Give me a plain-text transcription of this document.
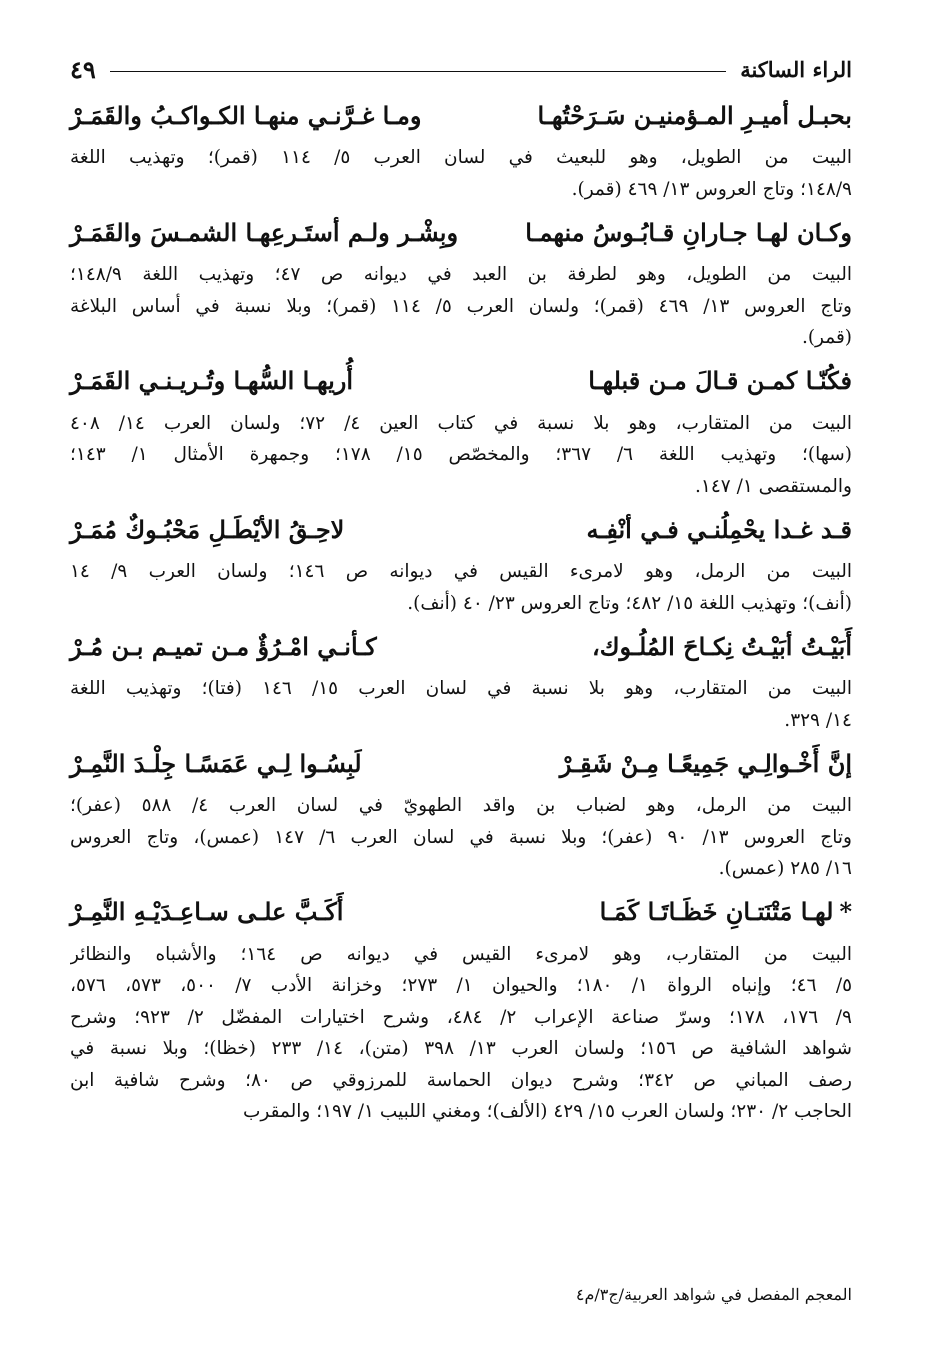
الراء الساكنة
٤٩
بحبـل أميـرِ المـؤمنيـن سَـرَحْتُهـا
ومـا غـرَّنـي منهـا الكـواكـبُ والقَمَـرْ

البيت من الطويل، وهو للبعيث في لسان العرب ٥/ ١١٤ (قمر)؛ وتهذيب اللغة
١٤٨/٩؛ وتاج العروس ١٣/ ٤٦٩ (قمر).

وكـان لهـا جـارانِ قـابُـوسُ منهمـا
وبِشْـر ولـم أستَـرعِهـا الشمـسَ والقَمَـرْ

البيت من الطويل، وهو لطرفة بن العبد في ديوانه ص ٤٧؛ وتهذيب اللغة ١٤٨/٩؛
وتاج العروس ١٣/ ٤٦٩ (قمر)؛ ولسان العرب ٥/ ١١٤ (قمر)؛ وبلا نسبة في أساس البلاغة
(قمر).

فكُنّـا كمـن قـالَ مـن قبلهـا
أُريهـا السُّهـا وتُـريـنـي القَمَـرْ

البيت من المتقارب، وهو بلا نسبة في كتاب العين ٤/ ٧٢؛ ولسان العرب ١٤/ ٤٠٨
(سها)؛ وتهذيب اللغة ٦/ ٣٦٧؛ والمخصّص ١٥/ ١٧٨؛ وجمهرة الأمثال ١/ ١٤٣؛
والمستقصى ١/ ١٤٧.

قـد غـدا يحْمِلُنـي فـي أنْفِـه
لاحِـقُ الأيْطَـلِ مَحْبُـوكٌ مُمَـرْ

البيت من الرمل، وهو لامرىء القيس في ديوانه ص ١٤٦؛ ولسان العرب ٩/ ١٤
(أنف)؛ وتهذيب اللغة ١٥/ ٤٨٢؛ وتاج العروس ٢٣/ ٤٠ (أنف).

أَبَيْـتُ أبَيْـتُ نِكـاحَ المُلُـوك،
كـأنـي امْـرُؤٌ مـن تميـم بـن مُـرْ

البيت من المتقارب، وهو بلا نسبة في لسان العرب ١٥/ ١٤٦ (فتا)؛ وتهذيب اللغة
١٤/ ٣٢٩.

إنَّ أَخْـوالِـي جَمِيعًـا مِـنْ شَقِـرْ
لَبِسُـوا لِـي عَمَسًـا جِلْـدَ النَّمِـرْ

البيت من الرمل، وهو لضباب بن واقد الطهويّ في لسان العرب ٤/ ٥٨٨ (عفر)؛
وتاج العروس ١٣/ ٩٠ (عفر)؛ وبلا نسبة في لسان العرب ٦/ ١٤٧ (عمس)، وتاج العروس
١٦/ ٢٨٥ (عمس).

*لهـا مَتْنَتـانِ خَظَـاتَـا كَمَـا
أَكَـبَّ علـى سـاعِـدَيْـهِ النَّمِـرْ

البيت من المتقارب، وهو لامرىء القيس في ديوانه ص ١٦٤؛ والأشباه والنظائر
٥/ ٤٦؛ وإنباه الرواة ١/ ١٨٠؛ والحيوان ١/ ٢٧٣؛ وخزانة الأدب ٧/ ٥٠٠، ٥٧٣، ٥٧٦،
٩/ ١٧٦، ١٧٨؛ وسرّ صناعة الإعراب ٢/ ٤٨٤، وشرح اختيارات المفضّل ٢/ ٩٢٣؛ وشرح
شواهد الشافية ص ١٥٦؛ ولسان العرب ١٣/ ٣٩٨ (متن)، ١٤/ ٢٣٣ (خظا)؛ وبلا نسبة في
رصف المباني ص ٣٤٢؛ وشرح ديوان الحماسة للمرزوقي ص ٨٠؛ وشرح شافية ابن
الحاجب ٢/ ٢٣٠؛ ولسان العرب ١٥/ ٤٢٩ (الألف)؛ ومغني اللبيب ١/ ١٩٧؛ والمقرب

المعجم المفصل في شواهد العربية/ج٣/م٤
